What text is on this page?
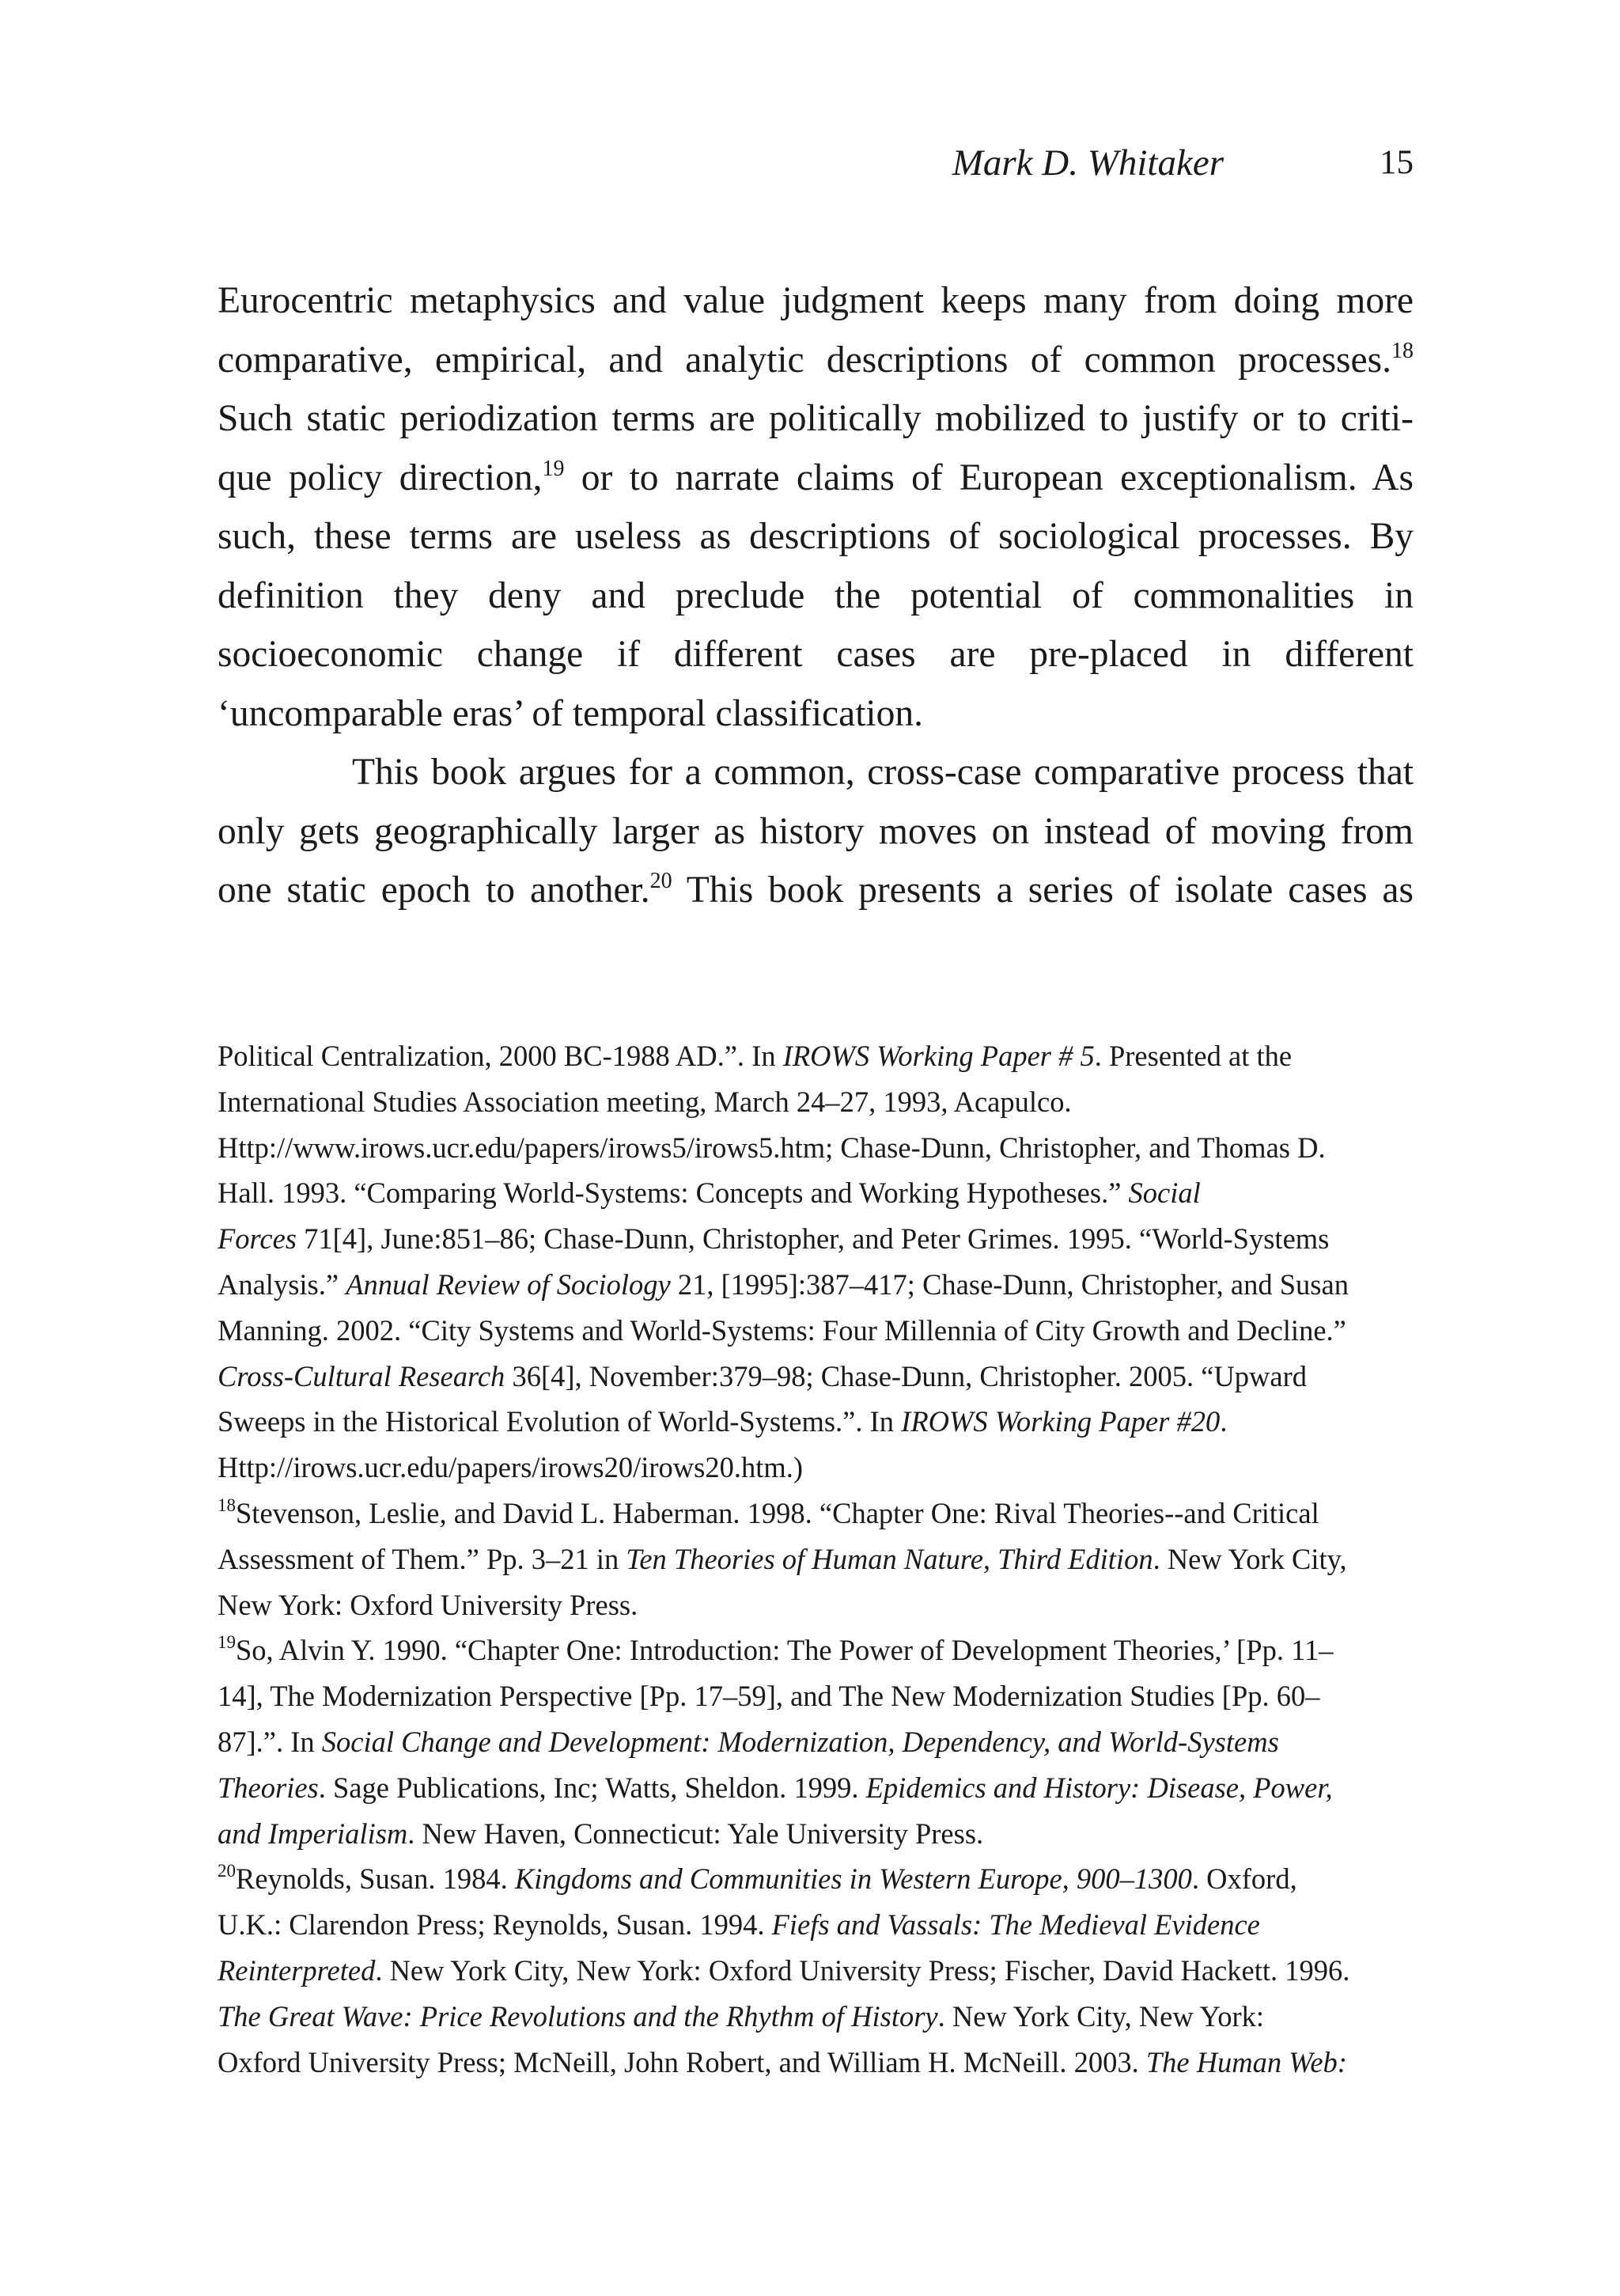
Mark D. Whitaker	15
Eurocentric metaphysics and value judgment keeps many from doing more
comparative, empirical, and analytic descriptions of common processes.$^{18}$
Such static periodization terms are politically mobilized to justify or to criti-
que policy direction,$^{19}$ or to narrate claims of European exceptionalism. As
such, these terms are useless as descriptions of sociological processes. By
definition they deny and preclude the potential of commonalities in
socioeconomic change if different cases are pre-placed in different
‘uncomparable eras’ of temporal classification.
This book argues for a common, cross-case comparative process that
only gets geographically larger as history moves on instead of moving from
one static epoch to another.$^{20}$ This book presents a series of isolate cases as
Political Centralization, 2000 BC-1988 AD.”. In IROWS Working Paper # 5. Presented at the
International Studies Association meeting, March 24–27, 1993, Acapulco.
Http://www.irows.ucr.edu/papers/irows5/irows5.htm; Chase-Dunn, Christopher, and Thomas D.
Hall. 1993. “Comparing World-Systems: Concepts and Working Hypotheses.” Social
Forces 71[4], June:851–86; Chase-Dunn, Christopher, and Peter Grimes. 1995. “World-Systems
Analysis.” Annual Review of Sociology 21, [1995]:387–417; Chase-Dunn, Christopher, and Susan
Manning. 2002. “City Systems and World-Systems: Four Millennia of City Growth and Decline.”
Cross-Cultural Research 36[4], November:379–98; Chase-Dunn, Christopher. 2005. “Upward
Sweeps in the Historical Evolution of World-Systems.”. In IROWS Working Paper #20.
Http://irows.ucr.edu/papers/irows20/irows20.htm.)
$^{18}$Stevenson, Leslie, and David L. Haberman. 1998. “Chapter One: Rival Theories--and Critical
Assessment of Them.” Pp. 3–21 in Ten Theories of Human Nature, Third Edition. New York City,
New York: Oxford University Press.
$^{19}$So, Alvin Y. 1990. “Chapter One: Introduction: The Power of Development Theories,’ [Pp. 11–
14], The Modernization Perspective [Pp. 17–59], and The New Modernization Studies [Pp. 60–
87].”. In Social Change and Development: Modernization, Dependency, and World-Systems
Theories. Sage Publications, Inc; Watts, Sheldon. 1999. Epidemics and History: Disease, Power,
and Imperialism. New Haven, Connecticut: Yale University Press.
$^{20}$Reynolds, Susan. 1984. Kingdoms and Communities in Western Europe, 900–1300. Oxford,
U.K.: Clarendon Press; Reynolds, Susan. 1994. Fiefs and Vassals: The Medieval Evidence
Reinterpreted. New York City, New York: Oxford University Press; Fischer, David Hackett. 1996.
The Great Wave: Price Revolutions and the Rhythm of History. New York City, New York:
Oxford University Press; McNeill, John Robert, and William H. McNeill. 2003. The Human Web:
